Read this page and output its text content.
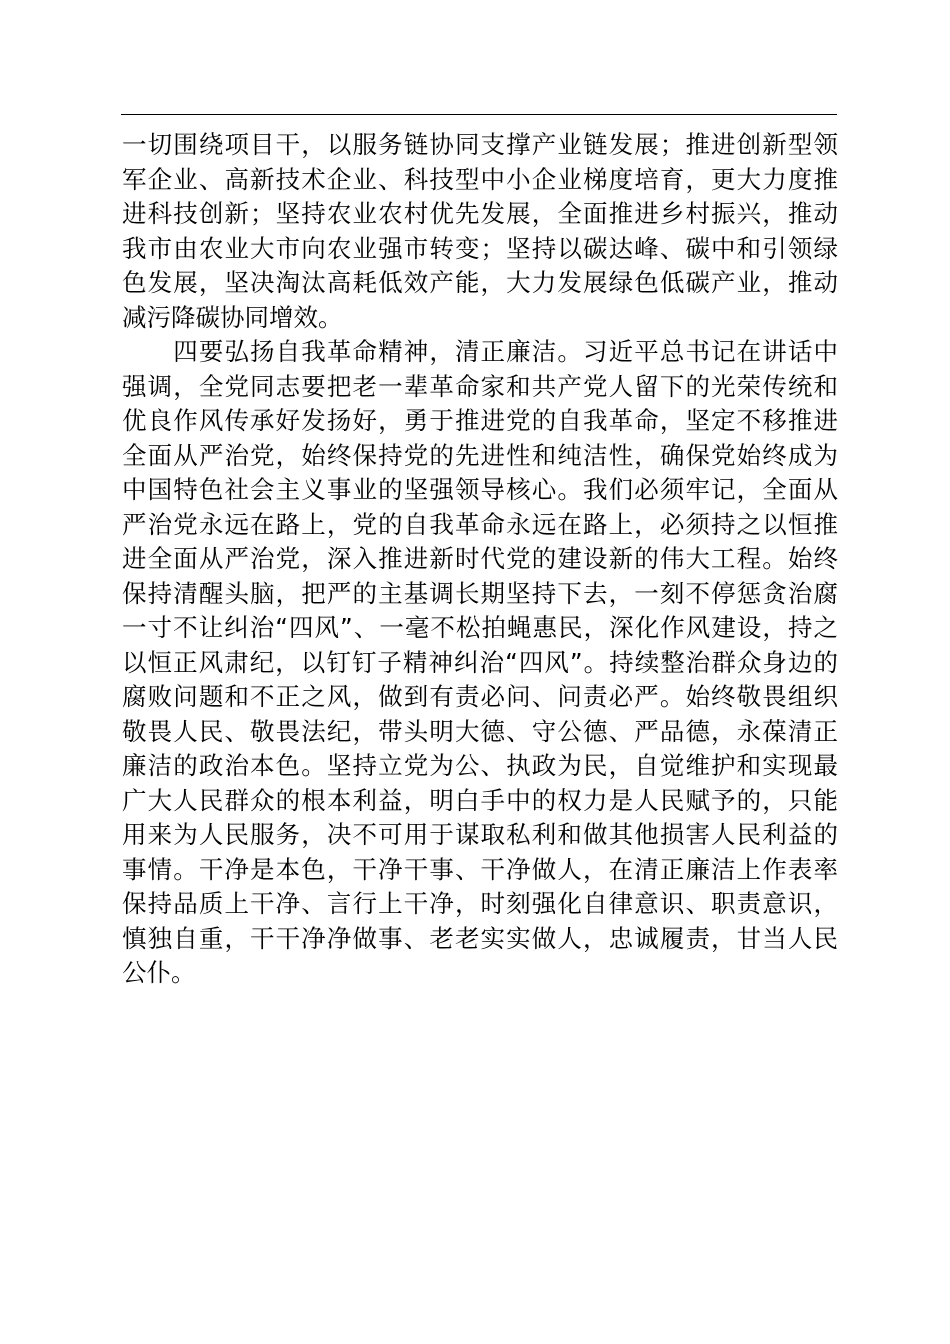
一切围绕项目干，以服务链协同支撑产业链发展；推进创新型领
军企业、高新技术企业、科技型中小企业梯度培育，更大力度推
进科技创新；坚持农业农村优先发展，全面推进乡村振兴，推动
我市由农业大市向农业强市转变；坚持以碳达峰、碳中和引领绿
色发展，坚决淘汰高耗低效产能，大力发展绿色低碳产业，推动
减污降碳协同增效。
　　四要弘扬自我革命精神，清正廉洁。习近平总书记在讲话中
强调，全党同志要把老一辈革命家和共产党人留下的光荣传统和
优良作风传承好发扬好，勇于推进党的自我革命，坚定不移推进
全面从严治党，始终保持党的先进性和纯洁性，确保党始终成为
中国特色社会主义事业的坚强领导核心。我们必须牢记，全面从
严治党永远在路上，党的自我革命永远在路上，必须持之以恒推
进全面从严治党，深入推进新时代党的建设新的伟大工程。始终
保持清醒头脑，把严的主基调长期坚持下去，一刻不停惩贪治腐
一寸不让纠治“四风”、一毫不松拍蝇惠民，深化作风建设，持之
以恒正风肃纪，以钉钉子精神纠治“四风”。持续整治群众身边的
腐败问题和不正之风，做到有责必问、问责必严。始终敬畏组织
敬畏人民、敬畏法纪，带头明大德、守公德、严品德，永葆清正
廉洁的政治本色。坚持立党为公、执政为民，自觉维护和实现最
广大人民群众的根本利益，明白手中的权力是人民赋予的，只能
用来为人民服务，决不可用于谋取私利和做其他损害人民利益的
事情。干净是本色，干净干事、干净做人，在清正廉洁上作表率
保持品质上干净、言行上干净，时刻强化自律意识、职责意识，
慎独自重，干干净净做事、老老实实做人，忠诚履责，甘当人民
公仆。
